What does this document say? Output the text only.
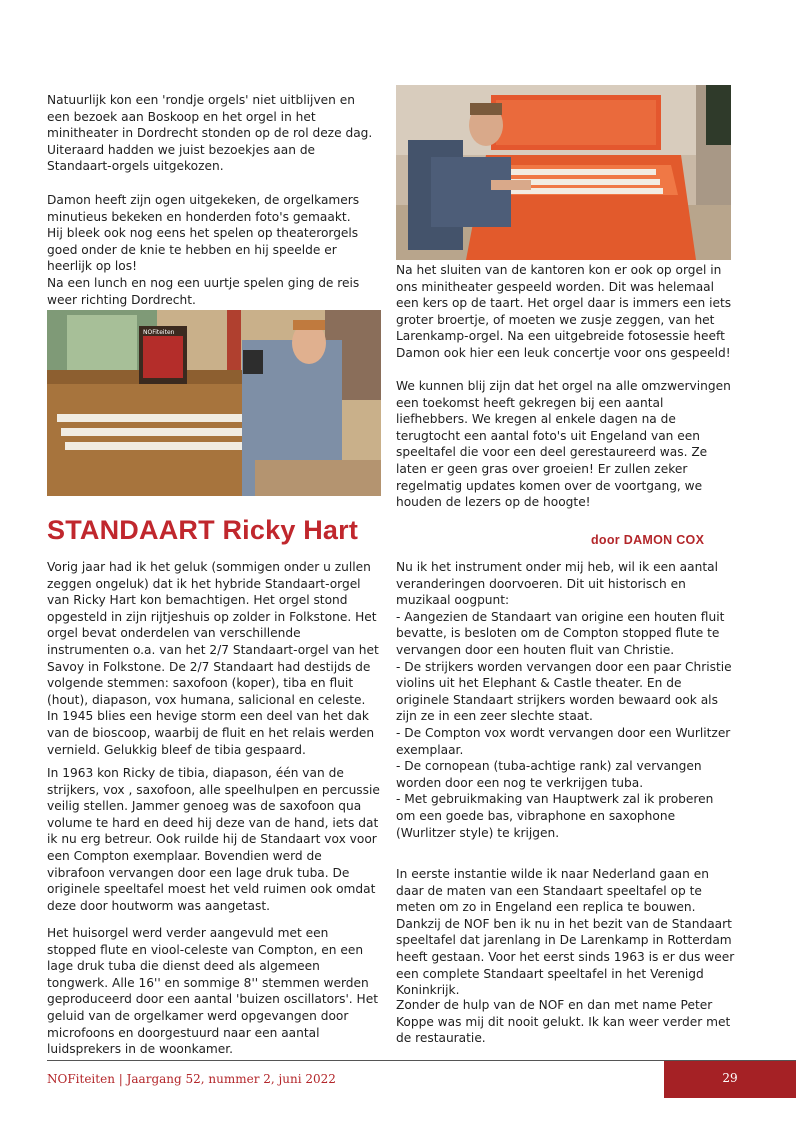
Natuurlijk kon een 'rondje orgels' niet uitblijven en een bezoek aan Boskoop en het orgel in het minitheater in Dordrecht stonden op de rol deze dag. Uiteraard hadden we juist bezoekjes aan de Standaart-orgels uitgekozen.

Damon heeft zijn ogen uitgekeken, de orgelkamers minutieus bekeken en honderden foto's gemaakt.
Hij bleek ook nog eens het spelen op theaterorgels goed onder de knie te hebben en hij speelde er heerlijk op los!
Na een lunch en nog een uurtje spelen ging de reis weer richting Dordrecht.

Na het sluiten van de kantoren kon er ook op orgel in ons minitheater gespeeld worden. Dit was helemaal een kers op de taart. Het orgel daar is immers een iets groter broertje, of moeten we zusje zeggen, van het Larenkamp-orgel. Na een uitgebreide fotosessie heeft Damon ook hier een leuk concertje voor ons gespeeld!

We kunnen blij zijn dat het orgel na alle omzwervingen een toekomst heeft gekregen bij een aantal liefhebbers. We kregen al enkele dagen na de terugtocht een aantal foto's uit Engeland van een speeltafel die voor een deel gerestaureerd was. Ze laten er geen gras over groeien! Er zullen zeker regelmatig updates komen over de voortgang, we houden de lezers op de hoogte!

NOFiteiten
STANDAART Ricky Hart	door DAMON COX

Vorig jaar had ik het geluk (sommigen onder u zullen zeggen ongeluk) dat ik het hybride Standaart-orgel van Ricky Hart kon bemachtigen. Het orgel stond opgesteld in zijn rijtjeshuis op zolder in Folkstone. Het orgel bevat onderdelen van verschillende instrumenten o.a. van het 2/7 Standaart-orgel van het Savoy in Folkstone. De 2/7 Standaart had destijds de volgende stemmen: saxofoon (koper), tiba en fluit (hout), diapason, vox humana, salicional en celeste. In 1945 blies een hevige storm een deel van het dak van de bioscoop, waarbij de fluit en het relais werden vernield. Gelukkig bleef de tibia gespaard.

In 1963 kon Ricky de tibia, diapason, één van de strijkers, vox , saxofoon, alle speelhulpen en percussie veilig stellen. Jammer genoeg was de saxofoon qua volume te hard en deed hij deze van de hand, iets dat ik nu erg betreur. Ook ruilde hij de Standaart vox voor een Compton exemplaar. Bovendien werd de vibrafoon vervangen door een lage druk tuba. De originele speeltafel moest het veld ruimen ook omdat deze door houtworm was aangetast.

Het huisorgel werd verder aangevuld met een stopped flute en viool-celeste van Compton, en een lage druk tuba die dienst deed als algemeen tongwerk. Alle 16'' en sommige 8'' stemmen werden geproduceerd door een aantal 'buizen oscillators'. Het geluid van de orgelkamer werd opgevangen door microfoons en doorgestuurd naar een aantal luidsprekers in de woonkamer.

Nu ik het instrument onder mij heb, wil ik een aantal veranderingen doorvoeren. Dit uit historisch en muzikaal oogpunt:
- Aangezien de Standaart van origine een houten fluit bevatte, is besloten om de Compton stopped flute te vervangen door een houten fluit van Christie.
- De strijkers worden vervangen door een paar Christie violins uit het Elephant & Castle theater. En de originele Standaart strijkers worden bewaard ook als zijn ze in een zeer slechte staat.
- De Compton vox wordt vervangen door een Wurlitzer exemplaar.
- De cornopean (tuba-achtige rank) zal vervangen worden door een nog te verkrijgen tuba.
- Met gebruikmaking van Hauptwerk zal ik proberen om een goede bas, vibraphone en saxophone (Wurlitzer style) te krijgen.

In eerste instantie wilde ik naar Nederland gaan en daar de maten van een Standaart speeltafel op te meten om zo in Engeland een replica te bouwen. Dankzij de NOF ben ik nu in het bezit van de Standaart speeltafel dat jarenlang in De Larenkamp in Rotterdam heeft gestaan. Voor het eerst sinds 1963 is er dus weer een complete Standaart speeltafel in het Verenigd Koninkrijk.

Zonder de hulp van de NOF en dan met name Peter Koppe was mij dit nooit gelukt. Ik kan weer verder met de restauratie.

NOFiteiten | Jaargang 52, nummer 2, juni 2022	29
